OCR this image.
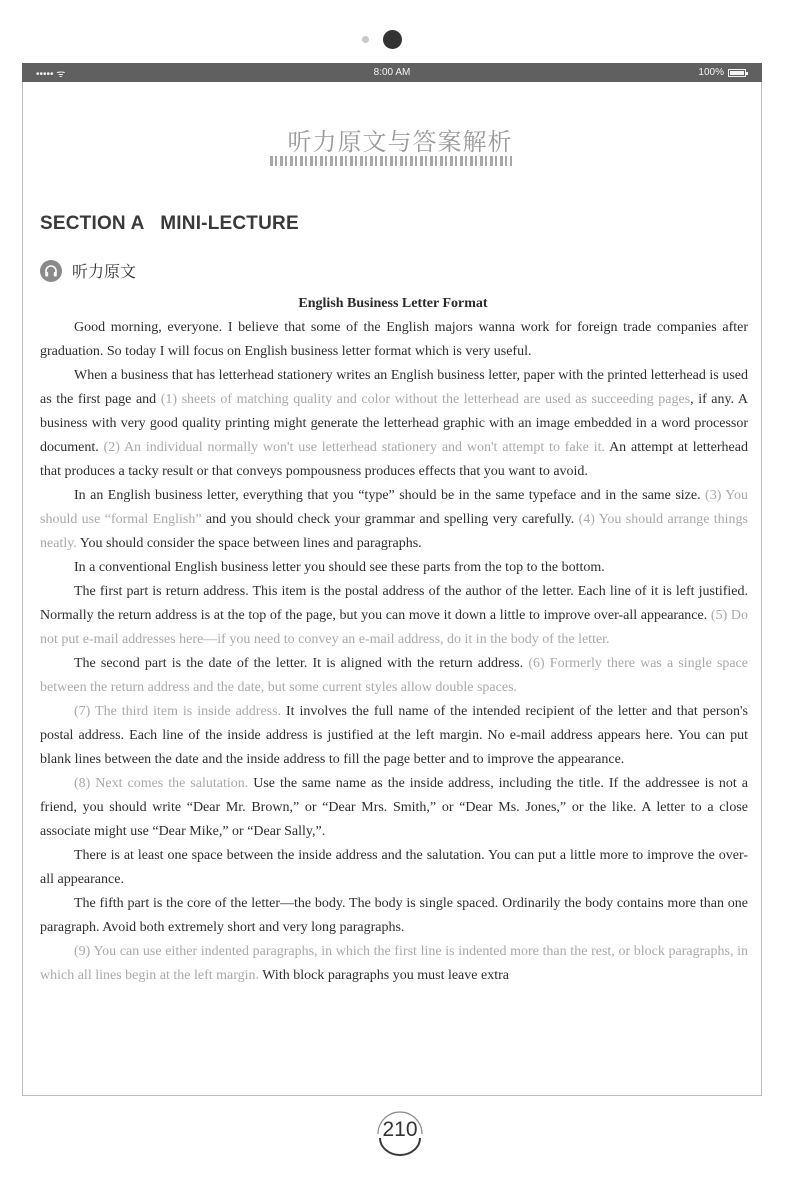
••••• ᯤ	8:00 AM	100%
听力原文与答案解析
SECTION A   MINI-LECTURE
听力原文
English Business Letter Format

Good morning, everyone. I believe that some of the English majors wanna work for foreign trade companies after graduation. So today I will focus on English business letter format which is very useful.

When a business that has letterhead stationery writes an English business letter, paper with the printed letterhead is used as the first page and (1) sheets of matching quality and color without the letterhead are used as succeeding pages, if any. A business with very good quality printing might generate the letterhead graphic with an image embedded in a word processor document. (2) An individual normally won't use letterhead stationery and won't attempt to fake it. An attempt at letterhead that produces a tacky result or that conveys pompousness produces effects that you want to avoid.

In an English business letter, everything that you “type” should be in the same typeface and in the same size. (3) You should use “formal English” and you should check your grammar and spelling very carefully. (4) You should arrange things neatly. You should consider the space between lines and paragraphs.

In a conventional English business letter you should see these parts from the top to the bottom.

The first part is return address. This item is the postal address of the author of the letter. Each line of it is left justified. Normally the return address is at the top of the page, but you can move it down a little to improve over-all appearance. (5) Do not put e-mail addresses here—if you need to convey an e-mail address, do it in the body of the letter.

The second part is the date of the letter. It is aligned with the return address. (6) Formerly there was a single space between the return address and the date, but some current styles allow double spaces.

(7) The third item is inside address. It involves the full name of the intended recipient of the letter and that person's postal address. Each line of the inside address is justified at the left margin. No e-mail address appears here. You can put blank lines between the date and the inside address to fill the page better and to improve the appearance.

(8) Next comes the salutation. Use the same name as the inside address, including the title. If the addressee is not a friend, you should write “Dear Mr. Brown,” or “Dear Mrs. Smith,” or “Dear Ms. Jones,” or the like. A letter to a close associate might use “Dear Mike,” or “Dear Sally,”.

There is at least one space between the inside address and the salutation. You can put a little more to improve the over-all appearance.

The fifth part is the core of the letter—the body. The body is single spaced. Ordinarily the body contains more than one paragraph. Avoid both extremely short and very long paragraphs.

(9) You can use either indented paragraphs, in which the first line is indented more than the rest, or block paragraphs, in which all lines begin at the left margin. With block paragraphs you must leave extra

210
